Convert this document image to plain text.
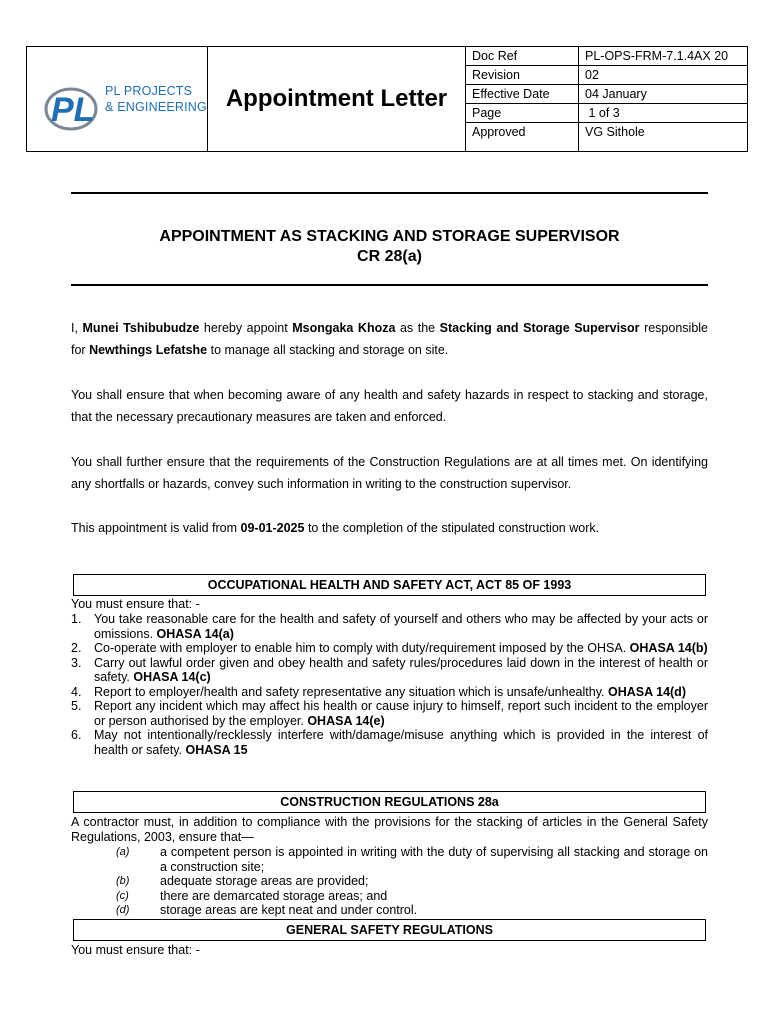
PL PL PROJECTS
& ENGINEERING Appointment Letter
Doc Ref	PL-OPS-FRM-7.1.4AX 20
Revision	02
Effective Date	04 January
Page	1 of 3
Approved	VG Sithole
APPOINTMENT AS STACKING AND STORAGE SUPERVISOR
CR 28(a)
I, Munei Tshibubudze hereby appoint Msongaka Khoza as the Stacking and Storage Supervisor responsible for Newthings Lefatshe to manage all stacking and storage on site.
You shall ensure that when becoming aware of any health and safety hazards in respect to stacking and storage, that the necessary precautionary measures are taken and enforced.
You shall further ensure that the requirements of the Construction Regulations are at all times met. On identifying any shortfalls or hazards, convey such information in writing to the construction supervisor.
This appointment is valid from 09-01-2025 to the completion of the stipulated construction work.
OCCUPATIONAL HEALTH AND SAFETY ACT, ACT 85 OF 1993
You must ensure that: -
1. You take reasonable care for the health and safety of yourself and others who may be affected by your acts or omissions. OHASA 14(a)
2. Co-operate with employer to enable him to comply with duty/requirement imposed by the OHSA. OHASA 14(b)
3. Carry out lawful order given and obey health and safety rules/procedures laid down in the interest of health or safety. OHASA 14(c)
4. Report to employer/health and safety representative any situation which is unsafe/unhealthy. OHASA 14(d)
5. Report any incident which may affect his health or cause injury to himself, report such incident to the employer or person authorised by the employer. OHASA 14(e)
6. May not intentionally/recklessly interfere with/damage/misuse anything which is provided in the interest of health or safety. OHASA 15
CONSTRUCTION REGULATIONS 28a
A contractor must, in addition to compliance with the provisions for the stacking of articles in the General Safety Regulations, 2003, ensure that—
(a) a competent person is appointed in writing with the duty of supervising all stacking and storage on a construction site;
(b) adequate storage areas are provided;
(c) there are demarcated storage areas; and
(d) storage areas are kept neat and under control.
GENERAL SAFETY REGULATIONS
You must ensure that: -
